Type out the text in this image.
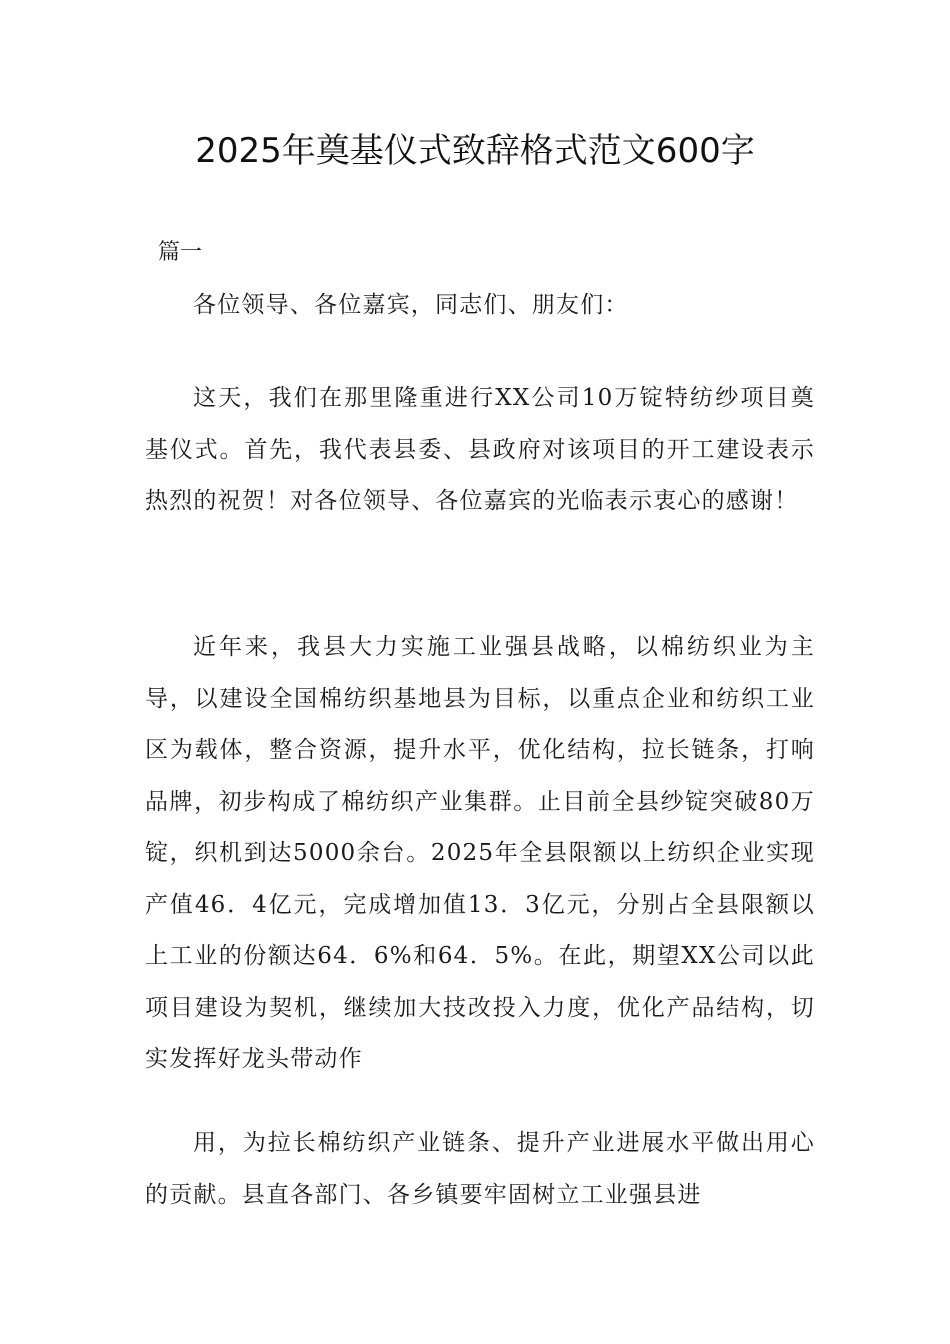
2025年奠基仪式致辞格式范文600字
篇一

各位领导、各位嘉宾，同志们、朋友们：

这天，我们在那里隆重进行XX公司10万锭特纺纱项目奠基仪式。首先，我代表县委、县政府对该项目的开工建设表示热烈的祝贺！对各位领导、各位嘉宾的光临表示衷心的感谢！

近年来，我县大力实施工业强县战略，以棉纺织业为主导，以建设全国棉纺织基地县为目标，以重点企业和纺织工业区为载体，整合资源，提升水平，优化结构，拉长链条，打响品牌，初步构成了棉纺织产业集群。止目前全县纱锭突破80万锭，织机到达5000余台。2025年全县限额以上纺织企业实现产值46．4亿元，完成增加值13．3亿元，分别占全县限额以上工业的份额达64．6%和64．5%。在此，期望XX公司以此项目建设为契机，继续加大技改投入力度，优化产品结构，切实发挥好龙头带动作

用，为拉长棉纺织产业链条、提升产业进展水平做出用心的贡献。县直各部门、各乡镇要牢固树立工业强县进
